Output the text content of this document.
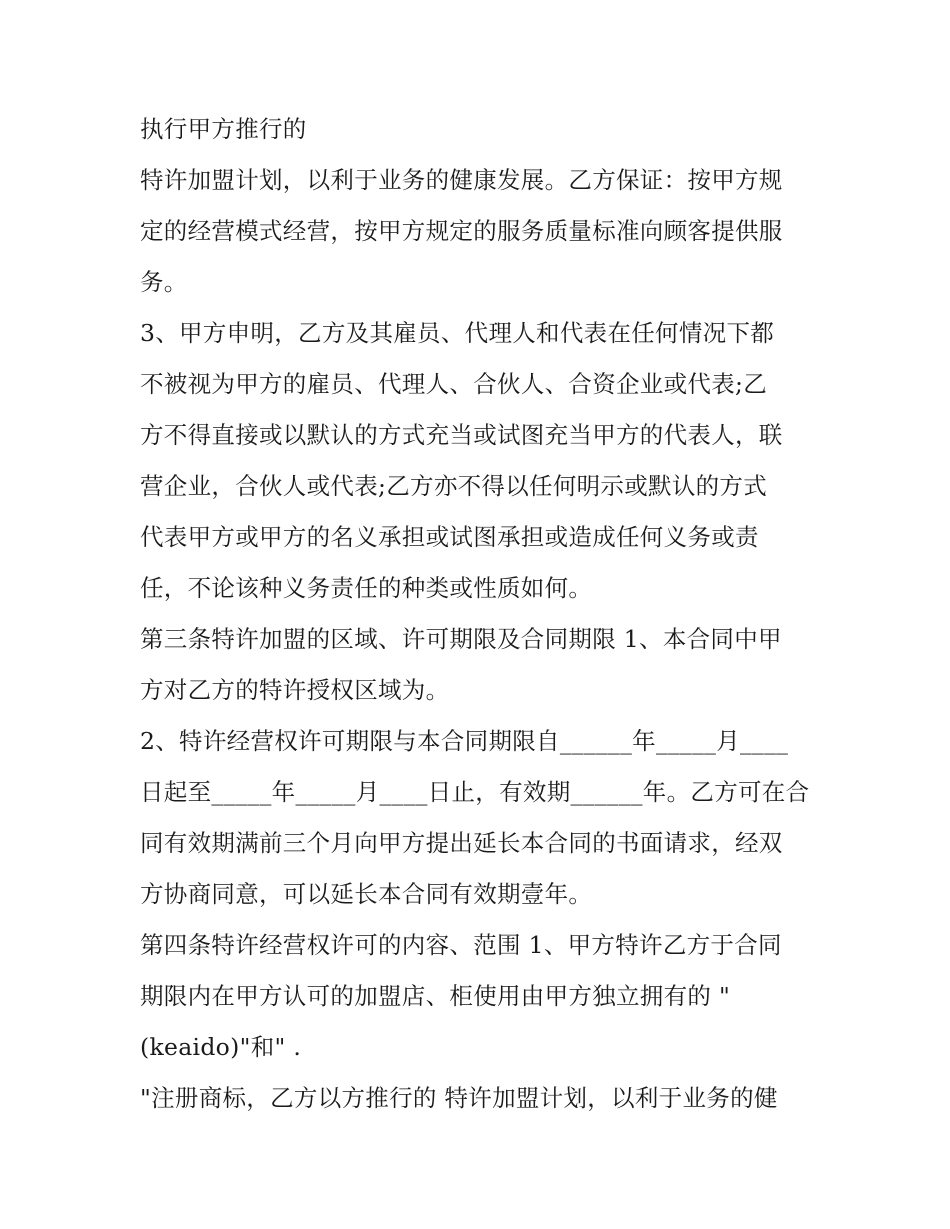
执行甲方推行的

特许加盟计划，以利于业务的健康发展。乙方保证：按甲方规

定的经营模式经营，按甲方规定的服务质量标准向顾客提供服

务。

3、甲方申明，乙方及其雇员、代理人和代表在任何情况下都

不被视为甲方的雇员、代理人、合伙人、合资企业或代表;乙

方不得直接或以默认的方式充当或试图充当甲方的代表人，联

营企业，合伙人或代表;乙方亦不得以任何明示或默认的方式

代表甲方或甲方的名义承担或试图承担或造成任何义务或责

任，不论该种义务责任的种类或性质如何。

第三条特许加盟的区域、许可期限及合同期限 1、本合同中甲

方对乙方的特许授权区域为。

2、特许经营权许可期限与本合同期限自______年_____月____

日起至_____年_____月____日止，有效期______年。乙方可在合

同有效期满前三个月向甲方提出延长本合同的书面请求，经双

方协商同意，可以延长本合同有效期壹年。

第四条特许经营权许可的内容、范围 1、甲方特许乙方于合同

期限内在甲方认可的加盟店、柜使用由甲方独立拥有的 "

(keaido)"和" .

"注册商标，乙方以方推行的 特许加盟计划，以利于业务的健
